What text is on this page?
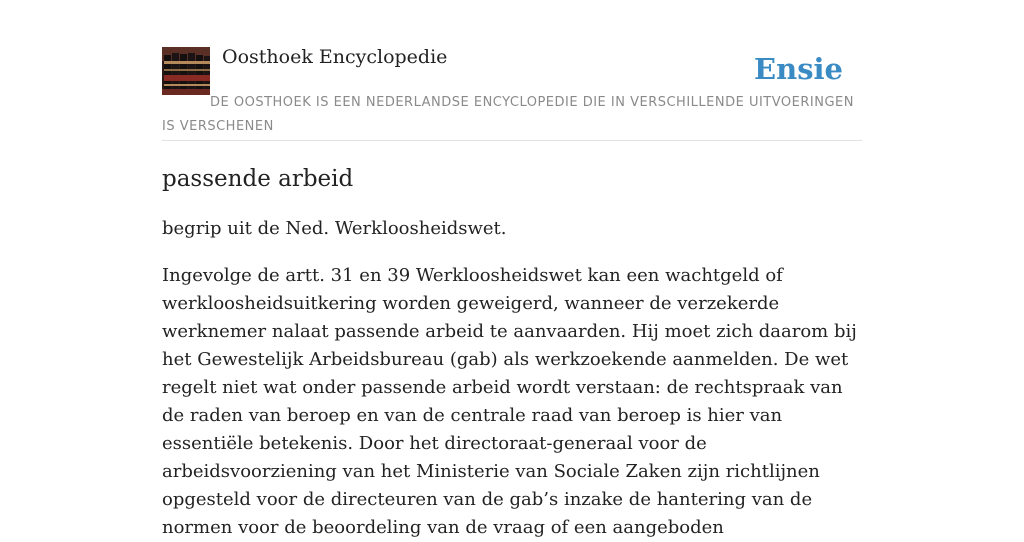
Oosthoek Encyclopedie	Ensie
DE OOSTHOEK IS EEN NEDERLANDSE ENCYCLOPEDIE DIE IN VERSCHILLENDE UITVOERINGEN IS VERSCHENEN
passende arbeid

begrip uit de Ned. Werkloosheidswet.

Ingevolge de artt. 31 en 39 Werkloosheidswet kan een wachtgeld of werkloosheidsuitkering worden geweigerd, wanneer de verzekerde werknemer nalaat passende arbeid te aanvaarden. Hij moet zich daarom bij het Gewestelijk Arbeidsbureau (gab) als werkzoekende aanmelden. De wet regelt niet wat onder passende arbeid wordt verstaan: de rechtspraak van de raden van beroep en van de centrale raad van beroep is hier van essentiële betekenis. Door het directoraat-generaal voor de arbeidsvoorziening van het Ministerie van Sociale Zaken zijn richtlijnen opgesteld voor de directeuren van de gab’s inzake de hantering van de normen voor de beoordeling van de vraag of een aangeboden
